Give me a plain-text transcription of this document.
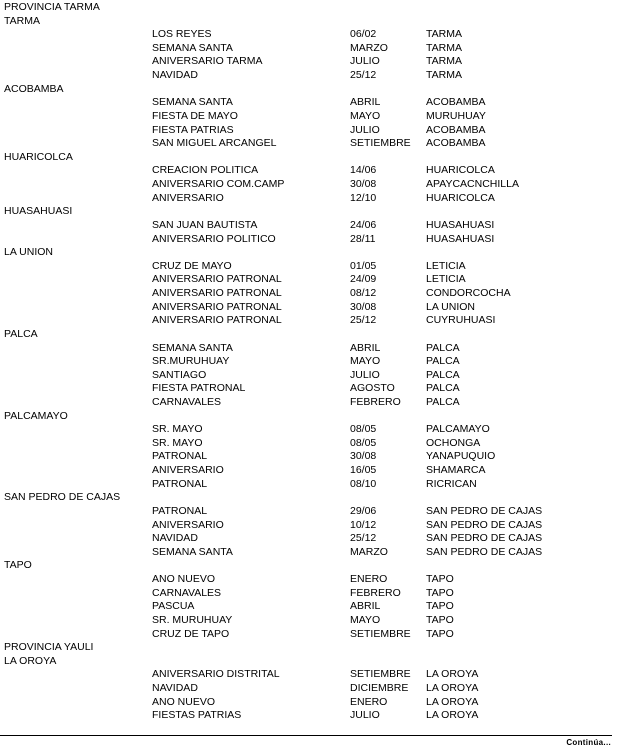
PROVINCIA TARMA
TARMA
LOS REYES	06/02	TARMA
SEMANA SANTA	MARZO	TARMA
ANIVERSARIO TARMA	JULIO	TARMA
NAVIDAD	25/12	TARMA
ACOBAMBA
SEMANA SANTA	ABRIL	ACOBAMBA
FIESTA DE MAYO	MAYO	MURUHUAY
FIESTA PATRIAS	JULIO	ACOBAMBA
SAN MIGUEL ARCANGEL	SETIEMBRE ACOBAMBA
HUARICOLCA
CREACION POLITICA	14/06	HUARICOLCA
ANIVERSARIO COM.CAMP	30/08	APAYCACNCHILLA
ANIVERSARIO	12/10	HUARICOLCA
HUASAHUASI
SAN JUAN BAUTISTA	24/06	HUASAHUASI
ANIVERSARIO POLITICO	28/11	HUASAHUASI
LA UNION
CRUZ DE MAYO	01/05	LETICIA
ANIVERSARIO PATRONAL	24/09	LETICIA
ANIVERSARIO PATRONAL	08/12	CONDORCOCHA
ANIVERSARIO PATRONAL	30/08	LA UNION
ANIVERSARIO PATRONAL	25/12	CUYRUHUASI
PALCA
SEMANA SANTA	ABRIL	PALCA
SR.MURUHUAY	MAYO	PALCA
SANTIAGO	JULIO	PALCA
FIESTA PATRONAL	AGOSTO	PALCA
CARNAVALES	FEBRERO PALCA
PALCAMAYO
SR. MAYO	08/05	PALCAMAYO
SR. MAYO	08/05	OCHONGA
PATRONAL	30/08	YANAPUQUIO
ANIVERSARIO	16/05	SHAMARCA
PATRONAL	08/10	RICRICAN
SAN PEDRO DE CAJAS
PATRONAL	29/06	SAN PEDRO DE CAJAS
ANIVERSARIO	10/12	SAN PEDRO DE CAJAS
NAVIDAD	25/12	SAN PEDRO DE CAJAS
SEMANA SANTA	MARZO	SAN PEDRO DE CAJAS
TAPO
ANO NUEVO	ENERO	TAPO
CARNAVALES	FEBRERO TAPO
PASCUA	ABRIL	TAPO
SR. MURUHUAY	MAYO	TAPO
CRUZ DE TAPO	SETIEMBRE TAPO
PROVINCIA YAULI
LA OROYA
ANIVERSARIO DISTRITAL	SETIEMBRE LA OROYA
NAVIDAD	DICIEMBRE LA OROYA
ANO NUEVO	ENERO	LA OROYA
FIESTAS PATRIAS	JULIO	LA OROYA
Continúa...
